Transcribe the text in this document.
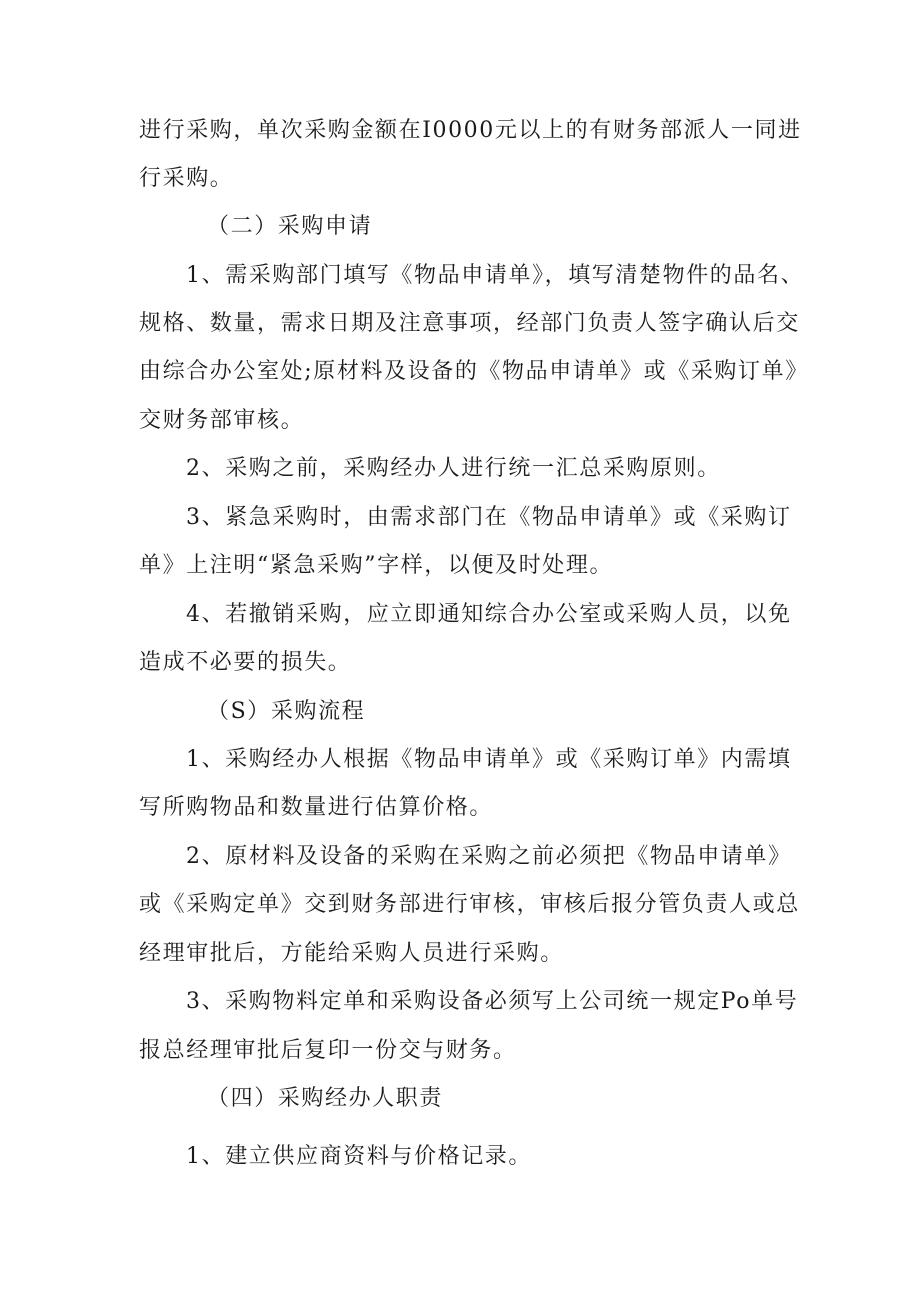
进行采购，单次采购金额在I0000元以上的有财务部派人一同进
行采购。
（二）采购申请
1、需采购部门填写《物品申请单》，填写清楚物件的品名、
规格、数量，需求日期及注意事项，经部门负责人签字确认后交
由综合办公室处;原材料及设备的《物品申请单》或《采购订单》
交财务部审核。
2、采购之前，采购经办人进行统一汇总采购原则。
3、紧急采购时，由需求部门在《物品申请单》或《采购订
单》上注明“紧急采购”字样，以便及时处理。
4、若撤销采购，应立即通知综合办公室或采购人员，以免
造成不必要的损失。
（S）采购流程
1、采购经办人根据《物品申请单》或《采购订单》内需填
写所购物品和数量进行估算价格。
2、原材料及设备的采购在采购之前必须把《物品申请单》
或《采购定单》交到财务部进行审核，审核后报分管负责人或总
经理审批后，方能给采购人员进行采购。
3、采购物料定单和采购设备必须写上公司统一规定Po单号
报总经理审批后复印一份交与财务。
（四）采购经办人职责
1、建立供应商资料与价格记录。
